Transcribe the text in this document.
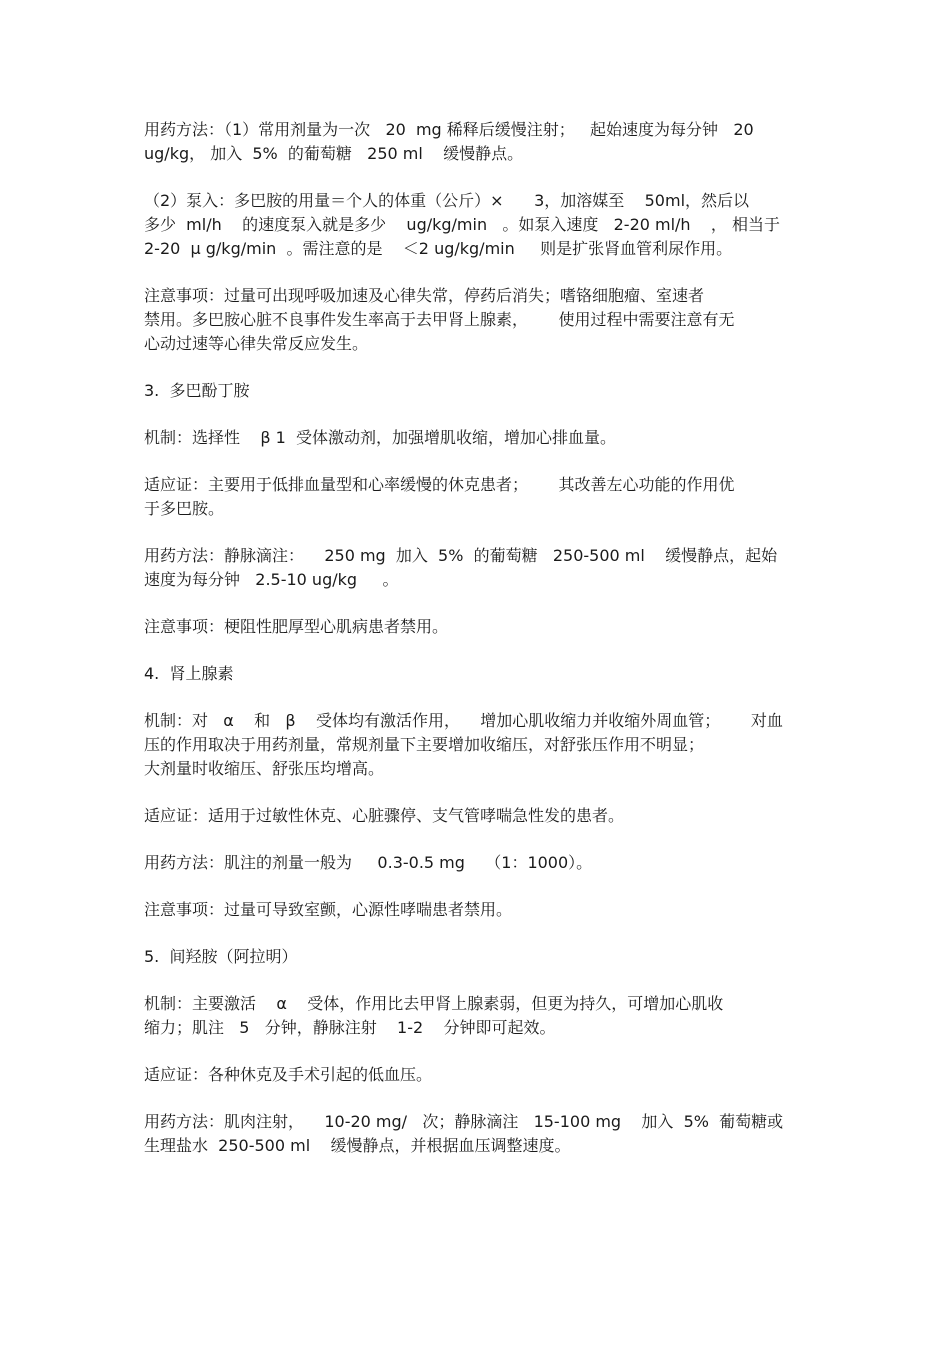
用药方法：（1）常用剂量为一次   20  mg 稀释后缓慢注射；   起始速度为每分钟   20
ug/kg， 加入  5%  的葡萄糖   250 ml    缓慢静点。

（2）泵入：多巴胺的用量＝个人的体重（公斤）×      3，加溶媒至    50ml，然后以
多少  ml/h    的速度泵入就是多少    ug/kg/min   。如泵入速度   2-20 ml/h    ， 相当于
2-20  μ g/kg/min  。需注意的是    ＜2 ug/kg/min     则是扩张肾血管利尿作用。

注意事项：过量可出现呼吸加速及心律失常，停药后消失；嗜铬细胞瘤、室速者
禁用。多巴胺心脏不良事件发生率高于去甲肾上腺素，      使用过程中需要注意有无
心动过速等心律失常反应发生。

3.  多巴酚丁胺

机制：选择性    β 1  受体激动剂，加强增肌收缩，增加心排血量。

适应证：主要用于低排血量型和心率缓慢的休克患者；      其改善左心功能的作用优
于多巴胺。

用药方法：静脉滴注：    250 mg  加入  5%  的葡萄糖   250-500 ml    缓慢静点，起始
速度为每分钟   2.5-10 ug/kg     。

注意事项：梗阻性肥厚型心肌病患者禁用。

4.  肾上腺素

机制：对   α    和   β    受体均有激活作用，    增加心肌收缩力并收缩外周血管；      对血
压的作用取决于用药剂量，常规剂量下主要增加收缩压，对舒张压作用不明显；
大剂量时收缩压、舒张压均增高。

适应证：适用于过敏性休克、心脏骤停、支气管哮喘急性发的患者。

用药方法：肌注的剂量一般为     0.3-0.5 mg    （1：1000）。

注意事项：过量可导致室颤，心源性哮喘患者禁用。

5.  间羟胺（阿拉明）

机制：主要激活    α    受体，作用比去甲肾上腺素弱，但更为持久，可增加心肌收
缩力；肌注   5   分钟，静脉注射    1-2    分钟即可起效。

适应证：各种休克及手术引起的低血压。

用药方法：肌肉注射，    10-20 mg/   次；静脉滴注   15-100 mg    加入  5%  葡萄糖或
生理盐水  250-500 ml    缓慢静点，并根据血压调整速度。
